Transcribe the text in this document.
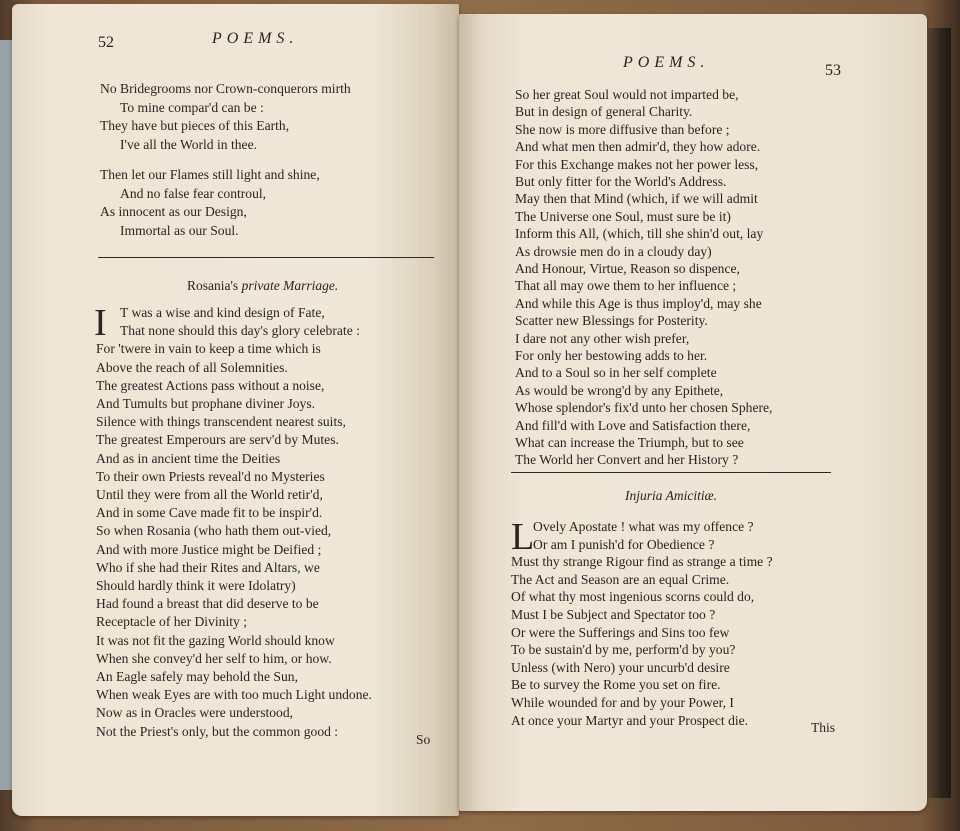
52	POEMS.
No Bridegrooms nor Crown-conquerors mirth
To mine compar'd can be :
They have but pieces of this Earth,
I've all the World in thee.
Then let our Flames still light and shine,
And no false fear controul,
As innocent as our Design,
Immortal as our Soul.
Rosania's private Marriage.
I T was a wise and kind design of Fate,
That none should this day's glory celebrate :
For 'twere in vain to keep a time which is
Above the reach of all Solemnities.
The greatest Actions pass without a noise,
And Tumults but prophane diviner Joys.
Silence with things transcendent nearest suits,
The greatest Emperours are serv'd by Mutes.
And as in ancient time the Deities
To their own Priests reveal'd no Mysteries
Until they were from all the World retir'd,
And in some Cave made fit to be inspir'd.
So when Rosania (who hath them out-vied,
And with more Justice might be Deified ;
Who if she had their Rites and Altars, we
Should hardly think it were Idolatry)
Had found a breast that did deserve to be
Receptacle of her Divinity ;
It was not fit the gazing World should know
When she convey'd her self to him, or how.
An Eagle safely may behold the Sun,
When weak Eyes are with too much Light undone.
Now as in Oracles were understood,
Not the Priest's only, but the common good :
So
POEMS.	53
So her great Soul would not imparted be,
But in design of general Charity.
She now is more diffusive than before ;
And what men then admir'd, they how adore.
For this Exchange makes not her power less,
But only fitter for the World's Address.
May then that Mind (which, if we will admit
The Universe one Soul, must sure be it)
Inform this All, (which, till she shin'd out, lay
As drowsie men do in a cloudy day)
And Honour, Virtue, Reason so dispence,
That all may owe them to her influence ;
And while this Age is thus imploy'd, may she
Scatter new Blessings for Posterity.
I dare not any other wish prefer,
For only her bestowing adds to her.
And to a Soul so in her self complete
As would be wrong'd by any Epithete,
Whose splendor's fix'd unto her chosen Sphere,
And fill'd with Love and Satisfaction there,
What can increase the Triumph, but to see
The World her Convert and her History ?
Injuria Amicitiæ.
L
Ovely Apostate ! what was my offence ?
Or am I punish'd for Obedience ?
Must thy strange Rigour find as strange a time ?
The Act and Season are an equal Crime.
Of what thy most ingenious scorns could do,
Must I be Subject and Spectator too ?
Or were the Sufferings and Sins too few
To be sustain'd by me, perform'd by you?
Unless (with Nero) your uncurb'd desire
Be to survey the Rome you set on fire.
While wounded for and by your Power, I
At once your Martyr and your Prospect die.	This
